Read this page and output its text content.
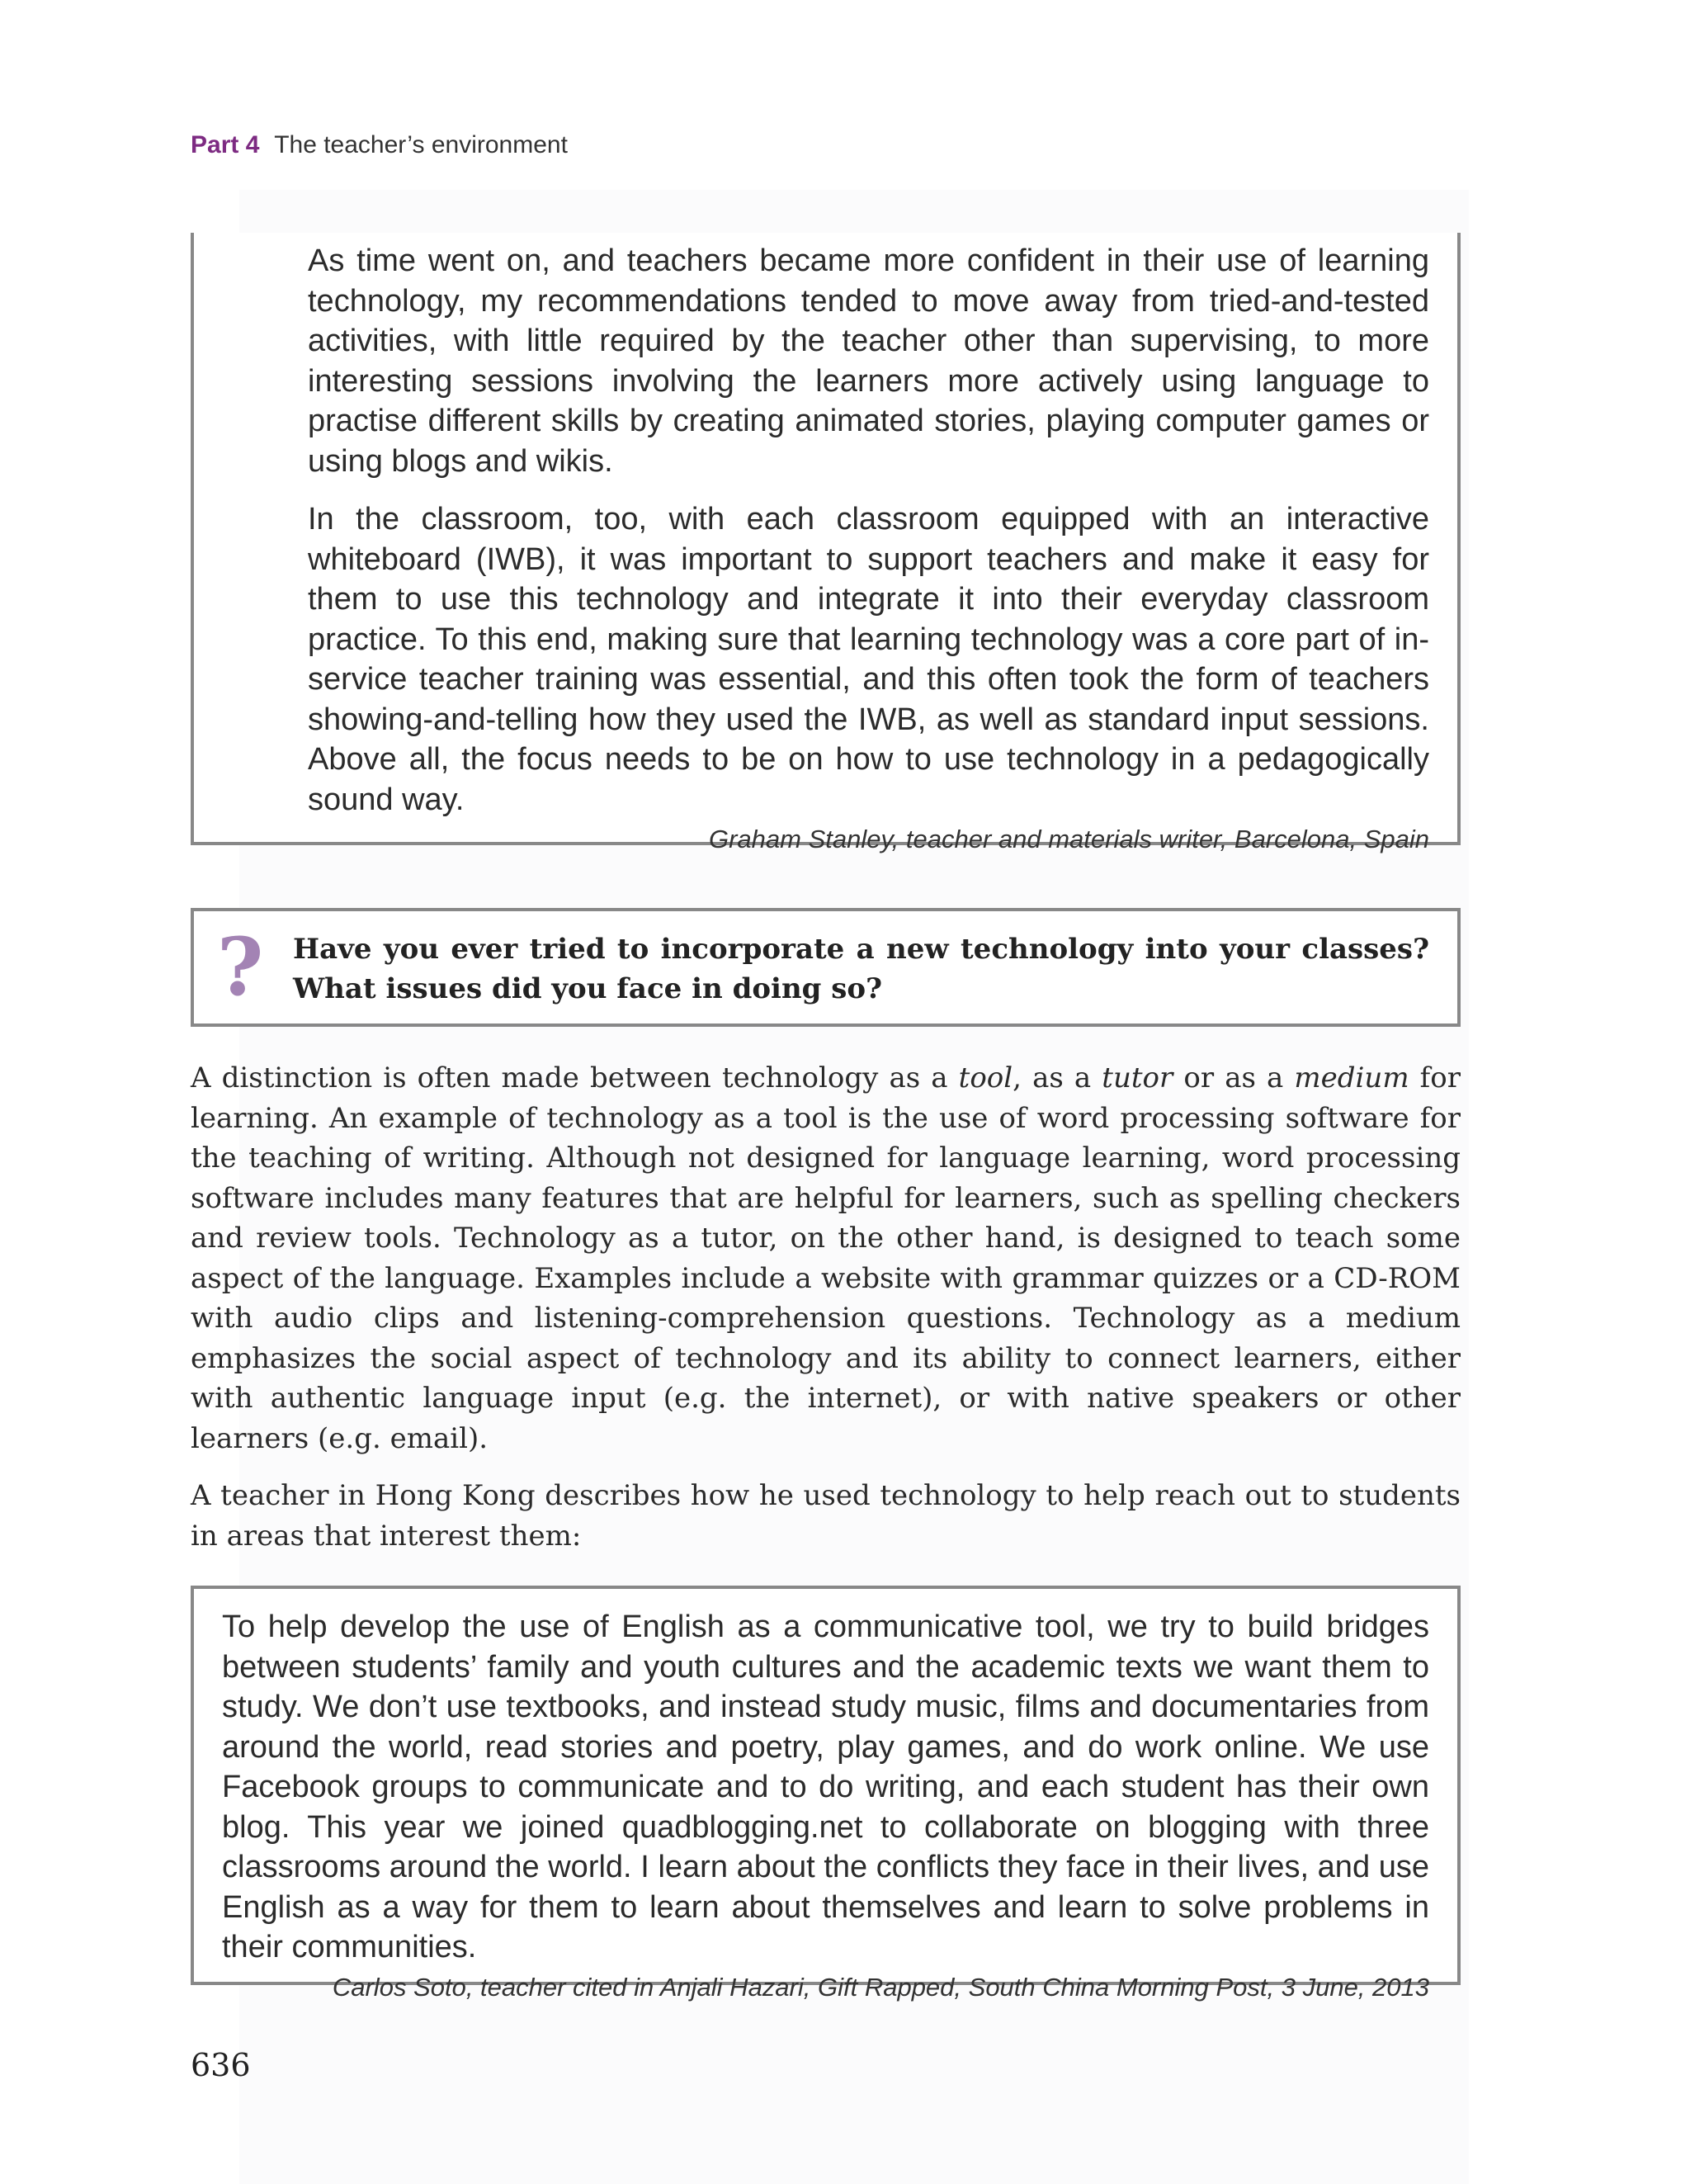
Part 4 The teacher’s environment

As time went on, and teachers became more confident in their use of learning technology, my recommendations tended to move away from tried-and-tested activities, with little required by the teacher other than supervising, to more interesting sessions involving the learners more actively using language to practise different skills by creating animated stories, playing computer games or using blogs and wikis.

In the classroom, too, with each classroom equipped with an interactive whiteboard (IWB), it was important to support teachers and make it easy for them to use this technology and integrate it into their everyday classroom practice. To this end, making sure that learning technology was a core part of in-service teacher training was essential, and this often took the form of teachers showing-and-telling how they used the IWB, as well as standard input sessions. Above all, the focus needs to be on how to use technology in a pedagogically sound way.

Graham Stanley, teacher and materials writer, Barcelona, Spain

? Have you ever tried to incorporate a new technology into your classes? What issues did you face in doing so?

A distinction is often made between technology as a tool, as a tutor or as a medium for learning. An example of technology as a tool is the use of word processing software for the teaching of writing. Although not designed for language learning, word processing software includes many features that are helpful for learners, such as spelling checkers and review tools. Technology as a tutor, on the other hand, is designed to teach some aspect of the language. Examples include a website with grammar quizzes or a CD-ROM with audio clips and listening-comprehension questions. Technology as a medium emphasizes the social aspect of technology and its ability to connect learners, either with authentic language input (e.g. the internet), or with native speakers or other learners (e.g. email).

A teacher in Hong Kong describes how he used technology to help reach out to students in areas that interest them:

To help develop the use of English as a communicative tool, we try to build bridges between students’ family and youth cultures and the academic texts we want them to study. We don’t use textbooks, and instead study music, films and documentaries from around the world, read stories and poetry, play games, and do work online. We use Facebook groups to communicate and to do writing, and each student has their own blog. This year we joined quadblogging.net to collaborate on blogging with three classrooms around the world. I learn about the conflicts they face in their lives, and use English as a way for them to learn about themselves and learn to solve problems in their communities.

Carlos Soto, teacher cited in Anjali Hazari, Gift Rapped, South China Morning Post, 3 June, 2013

636
